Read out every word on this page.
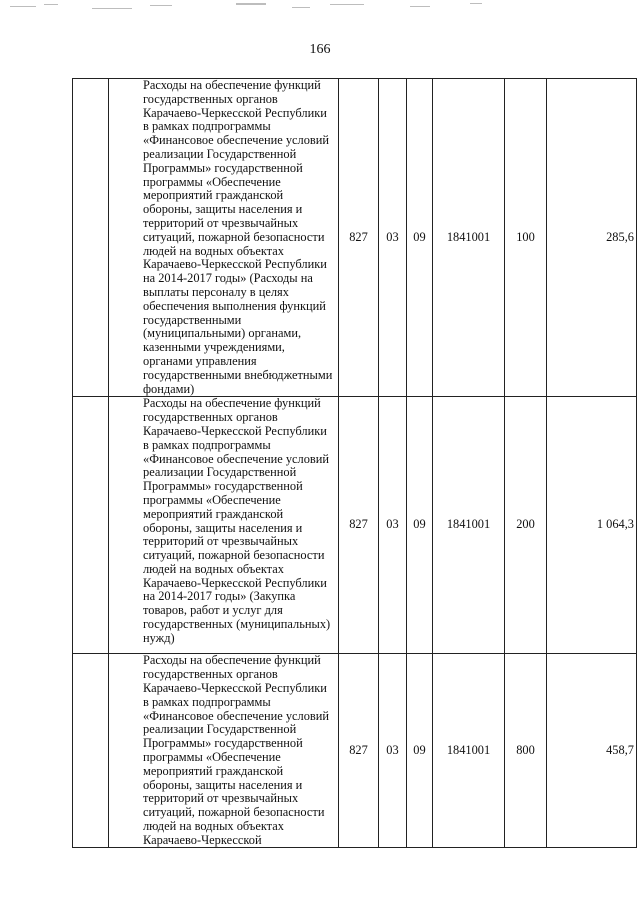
166
	Расходы на обеспечение функций государственных органов Карачаево-Черкесской Республики в рамках подпрограммы «Финансовое обеспечение условий реализации Государственной Программы» государственной программы «Обеспечение мероприятий гражданской обороны, защиты населения и территорий от чрезвычайных ситуаций, пожарной безопасности людей на водных объектах Карачаево-Черкесской Республики на 2014-2017 годы» (Расходы на выплаты персоналу в целях обеспечения выполнения функций государственными (муниципальными) органами, казенными учреждениями, органами управления государственными внебюджетными фондами)	827	03	09	1841001	100	285,6
	Расходы на обеспечение функций государственных органов Карачаево-Черкесской Республики в рамках подпрограммы «Финансовое обеспечение условий реализации Государственной Программы» государственной программы «Обеспечение мероприятий гражданской обороны, защиты населения и территорий от чрезвычайных ситуаций, пожарной безопасности людей на водных объектах Карачаево-Черкесской Республики на 2014-2017 годы» (Закупка товаров, работ и услуг для государственных (муниципальных) нужд)	827	03	09	1841001	200	1 064,3
	Расходы на обеспечение функций государственных органов Карачаево-Черкесской Республики в рамках подпрограммы «Финансовое обеспечение условий реализации Государственной Программы» государственной программы «Обеспечение мероприятий гражданской обороны, защиты населения и территорий от чрезвычайных ситуаций, пожарной безопасности людей на водных объектах Карачаево-Черкесской	827	03	09	1841001	800	458,7
